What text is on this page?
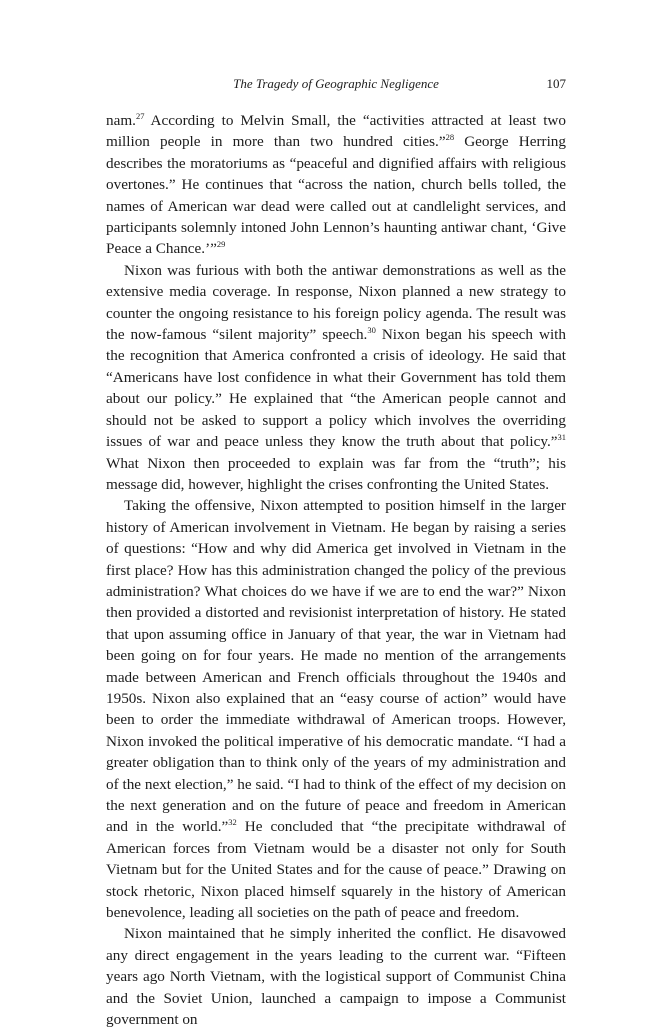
The Tragedy of Geographic Negligence	107

nam.$^{27}$ According to Melvin Small, the “activities attracted at least two million people in more than two hundred cities.”$^{28}$ George Herring describes the moratoriums as “peaceful and dignified affairs with religious overtones.” He continues that “across the nation, church bells tolled, the names of American war dead were called out at candlelight services, and participants solemnly intoned John Lennon’s haunting antiwar chant, ‘Give Peace a Chance.’”$^{29}$

Nixon was furious with both the antiwar demonstrations as well as the extensive media coverage. In response, Nixon planned a new strategy to counter the ongoing resistance to his foreign policy agenda. The result was the now-famous “silent majority” speech.$^{30}$ Nixon began his speech with the recognition that America confronted a crisis of ideology. He said that “Americans have lost confidence in what their Government has told them about our policy.” He explained that “the American people cannot and should not be asked to support a policy which involves the overriding issues of war and peace unless they know the truth about that policy.”$^{31}$ What Nixon then proceeded to explain was far from the “truth”; his message did, however, highlight the crises confronting the United States.

Taking the offensive, Nixon attempted to position himself in the larger history of American involvement in Vietnam. He began by raising a series of questions: “How and why did America get involved in Vietnam in the first place? How has this administration changed the policy of the previous administration? What choices do we have if we are to end the war?” Nixon then provided a distorted and revisionist interpretation of history. He stated that upon assuming office in January of that year, the war in Vietnam had been going on for four years. He made no mention of the arrangements made between American and French officials throughout the 1940s and 1950s. Nixon also explained that an “easy course of action” would have been to order the immediate withdrawal of American troops. However, Nixon invoked the political imperative of his democratic mandate. “I had a greater obligation than to think only of the years of my administration and of the next election,” he said. “I had to think of the effect of my decision on the next generation and on the future of peace and freedom in American and in the world.”$^{32}$ He concluded that “the precipitate withdrawal of American forces from Vietnam would be a disaster not only for South Vietnam but for the United States and for the cause of peace.” Drawing on stock rhetoric, Nixon placed himself squarely in the history of American benevolence, leading all societies on the path of peace and freedom.

Nixon maintained that he simply inherited the conflict. He disavowed any direct engagement in the years leading to the current war. “Fifteen years ago North Vietnam, with the logistical support of Communist China and the Soviet Union, launched a campaign to impose a Communist government on
